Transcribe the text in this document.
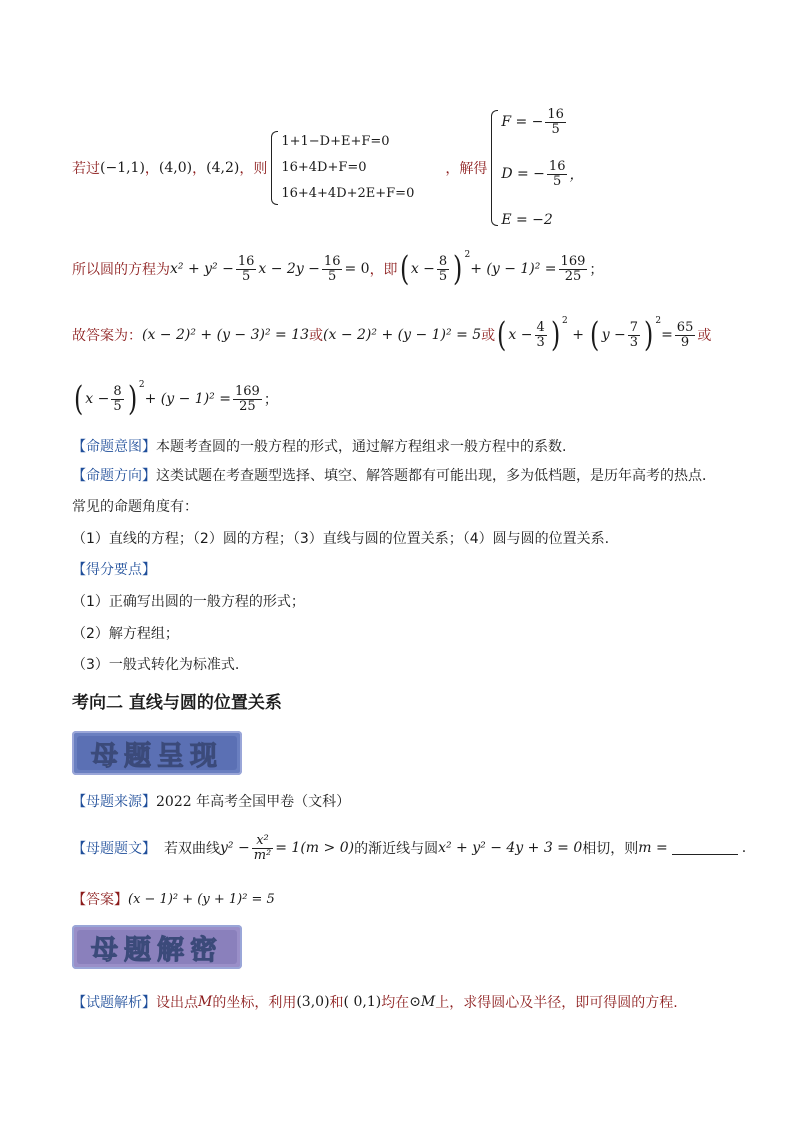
若过 (−1,1) ， (4,0) ， (4,2) ，则
1+1−D+E+F=0
16+4D+F=0
16+4+4D+2E+F=0
，解得
F = − $\frac{16}{5}$
D = − $\frac{16}{5}$ ，
E = −2
所以圆的方程为 $x^2 + y^2 - \frac{16}{5}$ $x - 2y - \frac{16}{5} = 0$ ，即 ( $x - \frac{8}{5} )^2$
+ $(y - 1)^2 = \frac{169}{25}$ ；
故答案为： (x − 2)² + (y − 3)² = 13 或 (x − 2)² + (y − 1)² = 5 或 ( $x - \frac{4}{3} )^2$
+ ( $y - \frac{7}{3} )^2$
= $\frac{65}{9}$ 或
( $x - \frac{8}{5} )^2$
+ $(y - 1)^2 = \frac{169}{25}$ ；
【命题意图】本题考查圆的一般方程的形式，通过解方程组求一般方程中的系数.
【命题方向】这类试题在考查题型选择、填空、解答题都有可能出现，多为低档题，是历年高考的热点．
常见的命题角度有：
（1）直线的方程；（2）圆的方程；（3）直线与圆的位置关系；（4）圆与圆的位置关系.
【得分要点】
（1）正确写出圆的一般方程的形式；
（2）解方程组；
（3）一般式转化为标准式.
考向二 直线与圆的位置关系
母题呈现
【母题来源】2022 年高考全国甲卷（文科）
【母题题文】 若双曲线 $y^2 - \frac{\text{x²}}{\text{m²}} = 1(m > 0)$ 的渐近线与圆 x² + y² − 4y + 3 = 0 相切，则 m =	.
【答案】 (x − 1)² + (y + 1)² = 5
母题解密
【试题解析】 设出点 M 的坐标，利用 (3,0) 和 ( 0,1) 均在 ⊙M 上，求得圆心及半径，即可得圆的方程.
